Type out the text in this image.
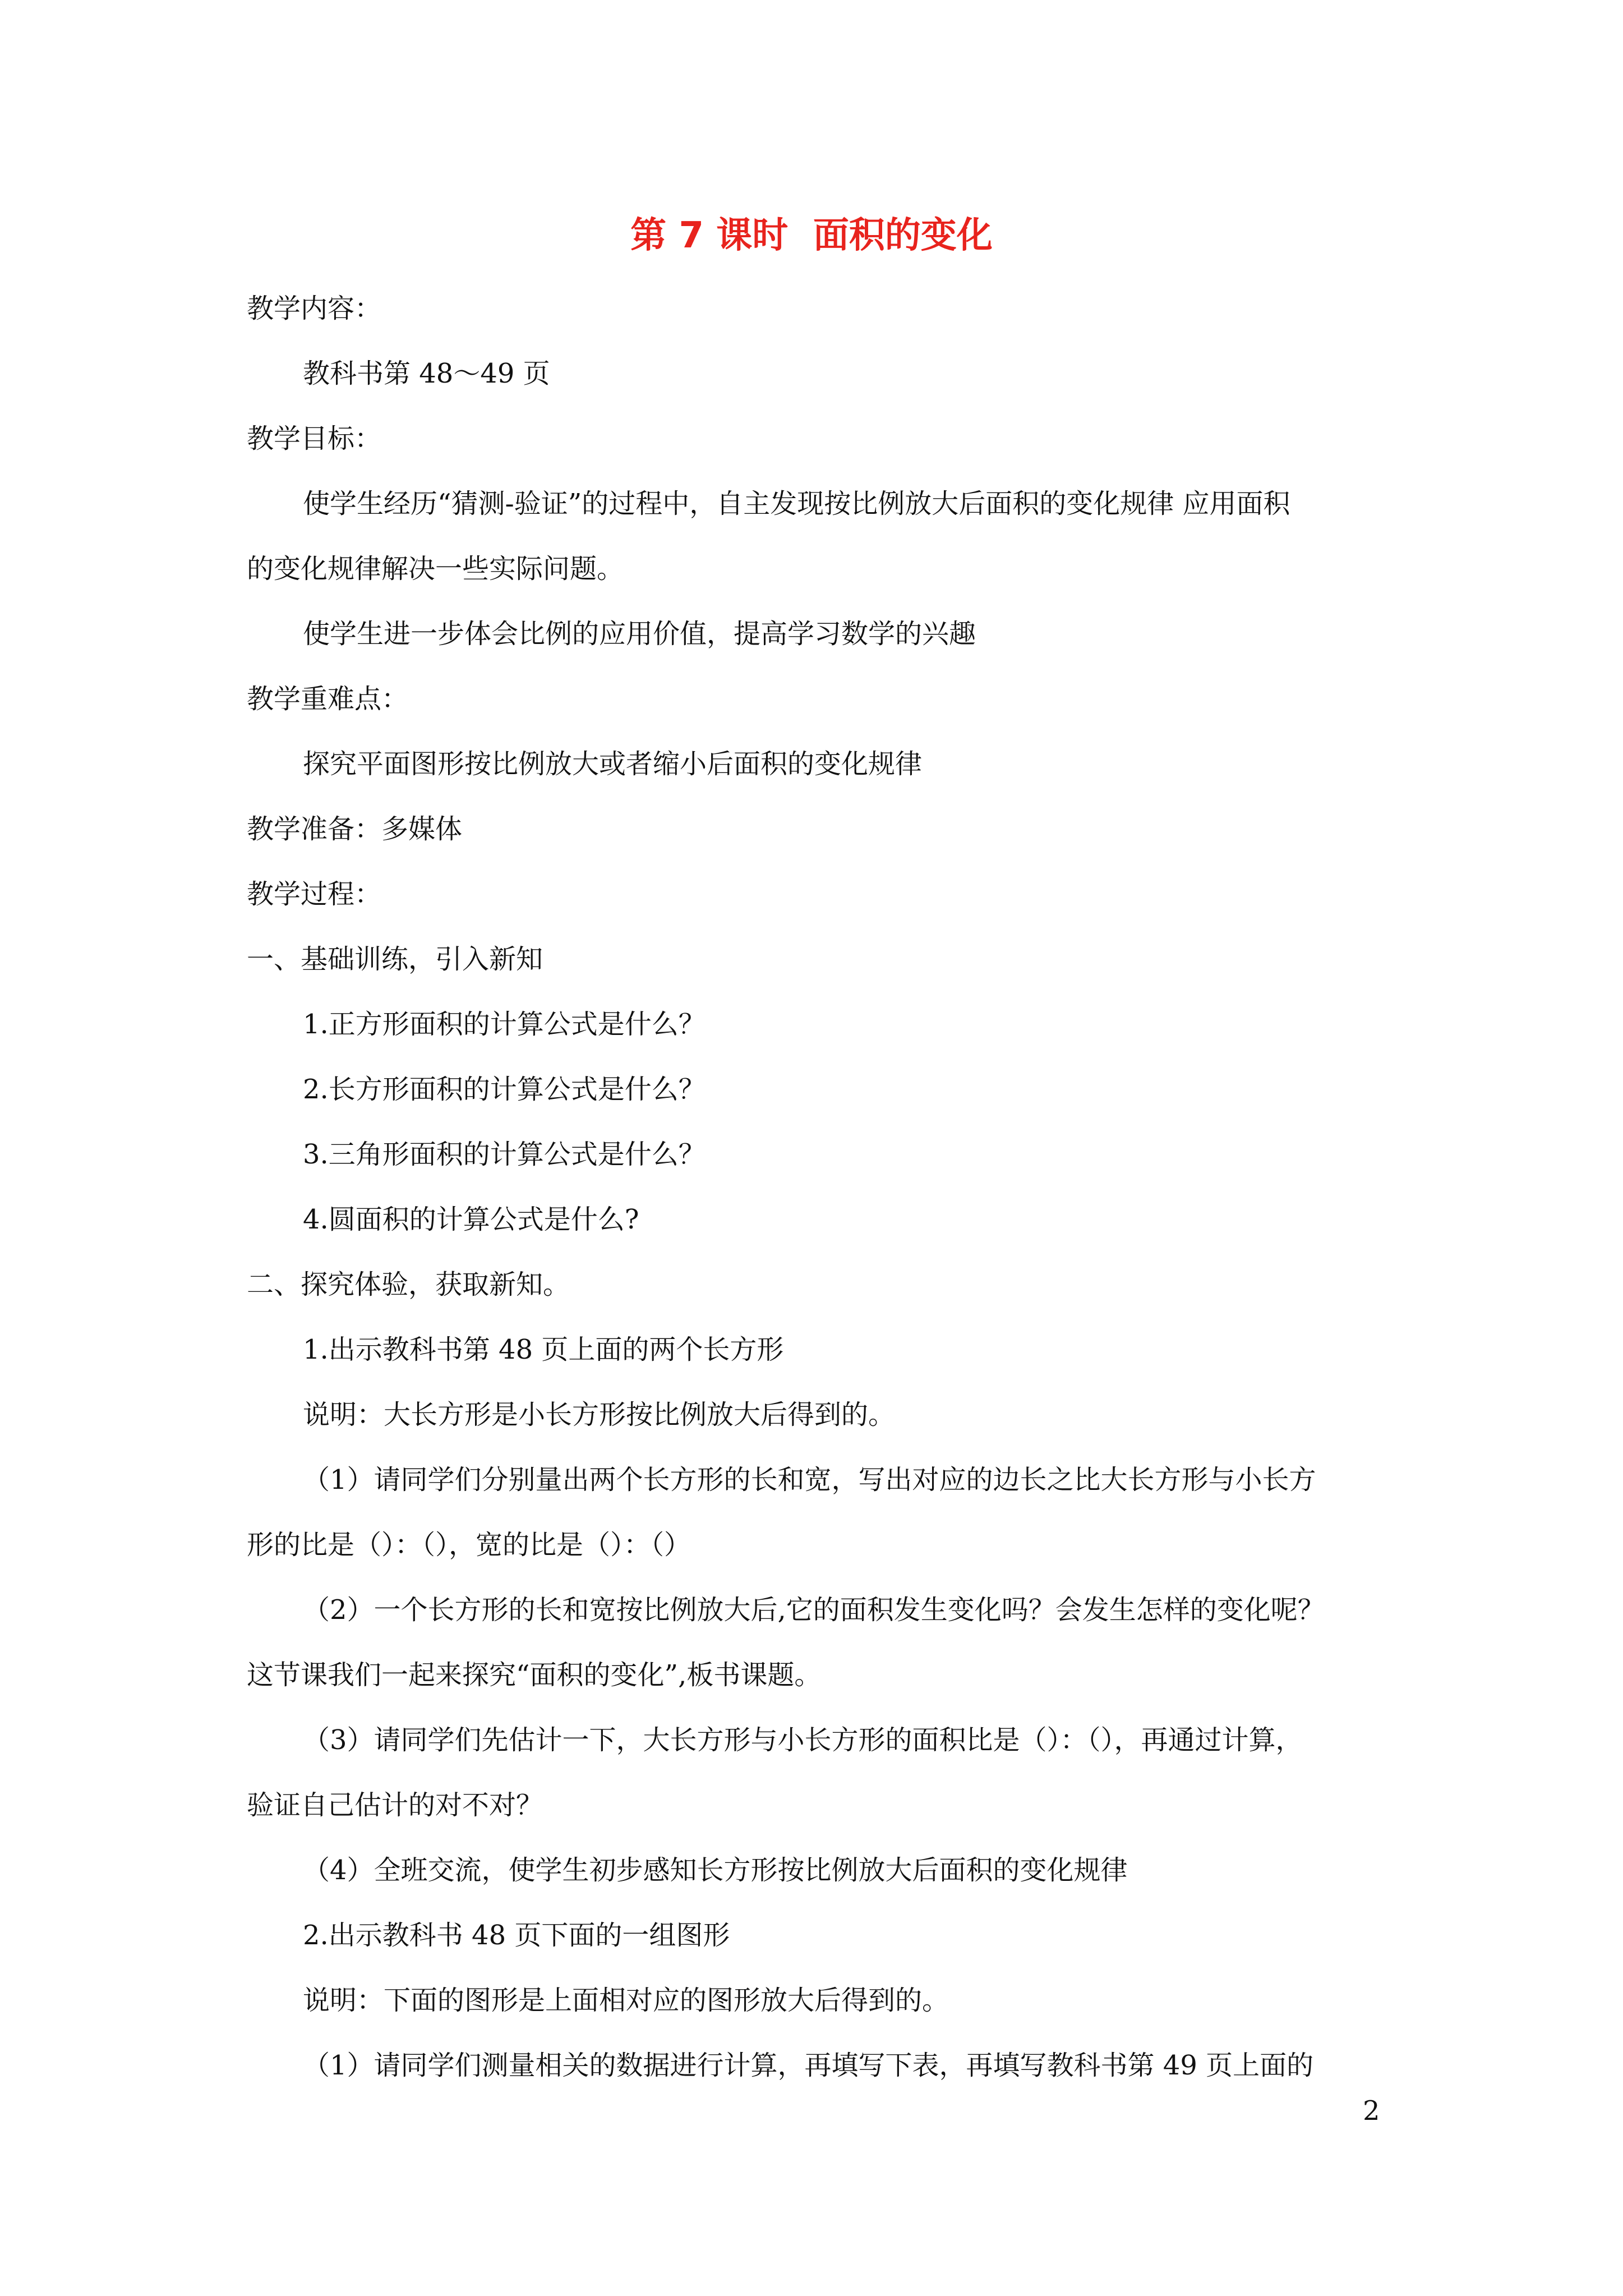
第 7 课时  面积的变化
教学内容：
教科书第 48～49 页
教学目标：
使学生经历“猜测-验证”的过程中，自主发现按比例放大后面积的变化规律 应用面积
的变化规律解决一些实际问题。
使学生进一步体会比例的应用价值，提高学习数学的兴趣
教学重难点：
探究平面图形按比例放大或者缩小后面积的变化规律
教学准备：多媒体
教学过程：
一、基础训练，引入新知
1.正方形面积的计算公式是什么？
2.长方形面积的计算公式是什么？
3.三角形面积的计算公式是什么？
4.圆面积的计算公式是什么?
二、探究体验，获取新知。
1.出示教科书第 48 页上面的两个长方形
说明：大长方形是小长方形按比例放大后得到的。
（1）请同学们分别量出两个长方形的长和宽，写出对应的边长之比大长方形与小长方
形的比是（）：（），宽的比是（）：（）
（2）一个长方形的长和宽按比例放大后,它的面积发生变化吗？会发生怎样的变化呢？
这节课我们一起来探究“面积的变化”,板书课题。
（3）请同学们先估计一下，大长方形与小长方形的面积比是（）：（），再通过计算，
验证自己估计的对不对？
（4）全班交流，使学生初步感知长方形按比例放大后面积的变化规律
2.出示教科书 48 页下面的一组图形
说明：下面的图形是上面相对应的图形放大后得到的。
（1）请同学们测量相关的数据进行计算，再填写下表，再填写教科书第 49 页上面的
2
